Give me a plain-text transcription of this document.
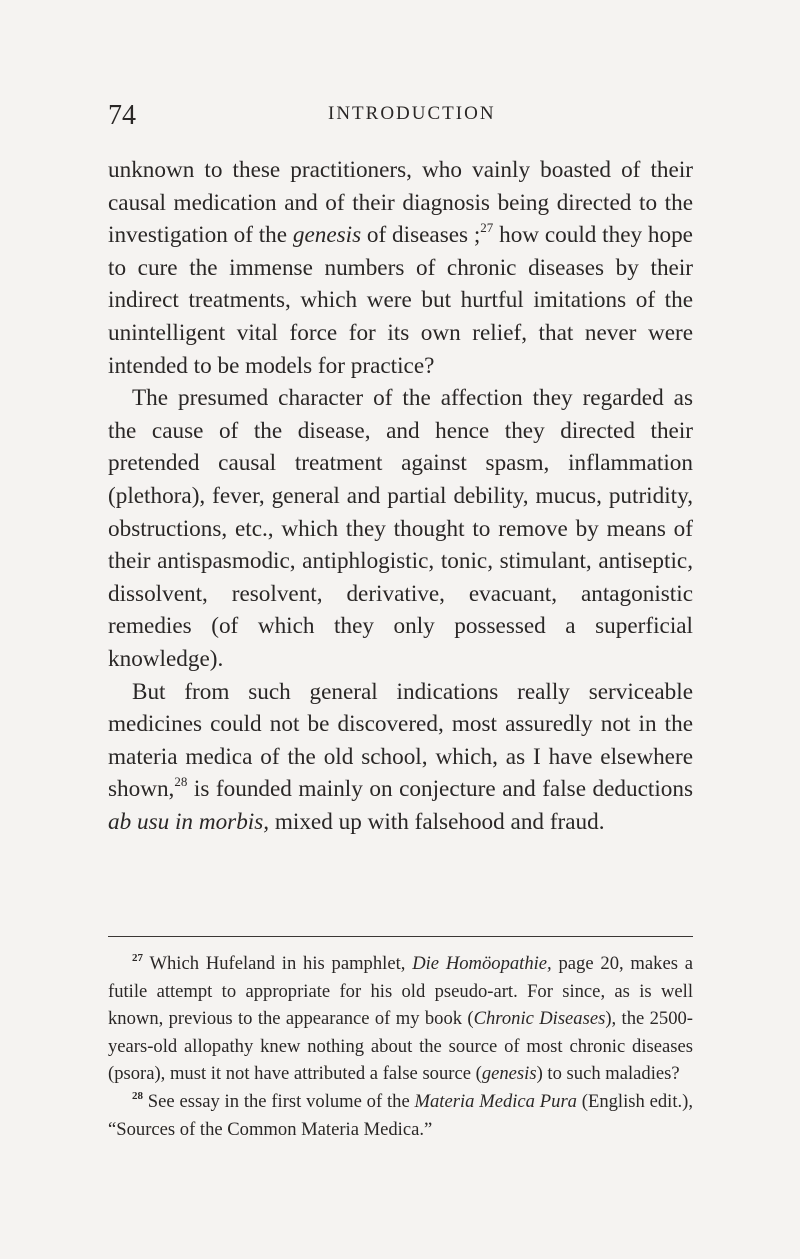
74	INTRODUCTION

unknown to these practitioners, who vainly boasted of their causal medication and of their diagnosis being directed to the investigation of the genesis of diseases ;$^{27}$ how could they hope to cure the immense numbers of chronic diseases by their indirect treatments, which were but hurtful imitations of the unintelligent vital force for its own relief, that never were intended to be models for practice?

The presumed character of the affection they regarded as the cause of the disease, and hence they directed their pretended causal treatment against spasm, inflammation (plethora), fever, general and partial debility, mucus, putridity, obstructions, etc., which they thought to remove by means of their antispasmodic, antiphlogistic, tonic, stimulant, antiseptic, dissolvent, resolvent, derivative, evacuant, antagonistic remedies (of which they only possessed a superficial knowledge).

But from such general indications really serviceable medicines could not be discovered, most assuredly not in the materia medica of the old school, which, as I have elsewhere shown,$^{28}$ is founded mainly on conjecture and false deductions ab usu in morbis, mixed up with falsehood and fraud.

$^{27}$ Which Hufeland in his pamphlet, Die Homöopathie, page 20, makes a futile attempt to appropriate for his old pseudo-art. For since, as is well known, previous to the appearance of my book (Chronic Diseases), the 2500-years-old allopathy knew nothing about the source of most chronic diseases (psora), must it not have attributed a false source (genesis) to such maladies?

$^{28}$ See essay in the first volume of the Materia Medica Pura (English edit.), “Sources of the Common Materia Medica.”
